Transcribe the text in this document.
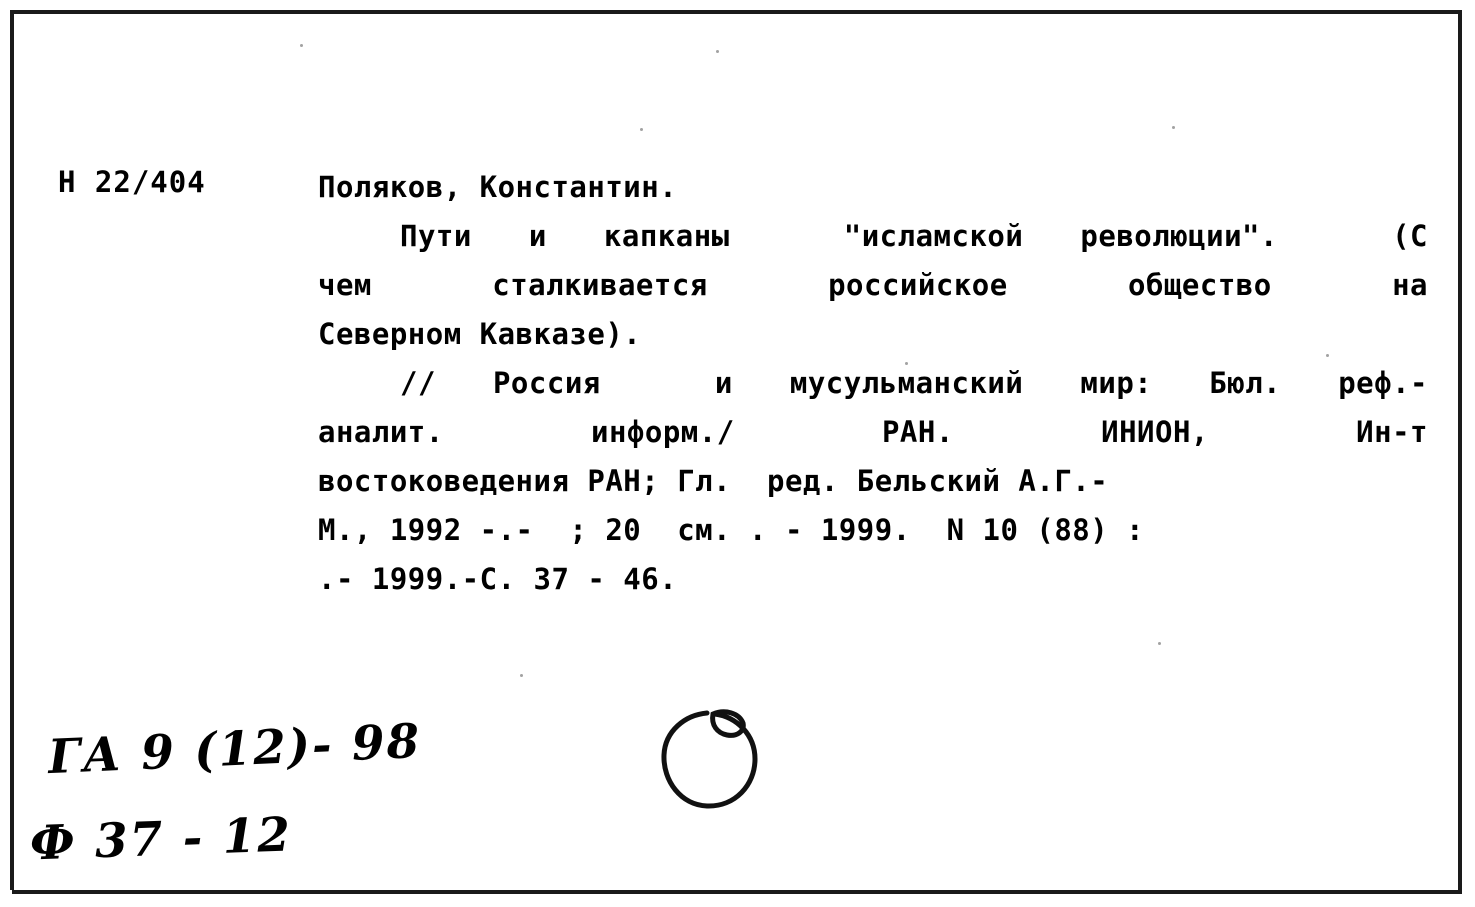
Н 22/404	Поляков, Константин.
Пути и капканы  "исламской революции".  (С
чем  сталкивается  российское  общество  на
Северном Кавказе).
// Россия  и мусульманский мир: Бюл. реф.-
аналит.   информ./   РАН.   ИНИОН,   Ин-т
востоковедения РАН; Гл.  ред. Бельский А.Г.-
М., 1992 -.-  ; 20  см. . - 1999.  N 10 (88) :
.- 1999.-С. 37 - 46.
ГА 9 (12)- 98
Ф 37 - 12
